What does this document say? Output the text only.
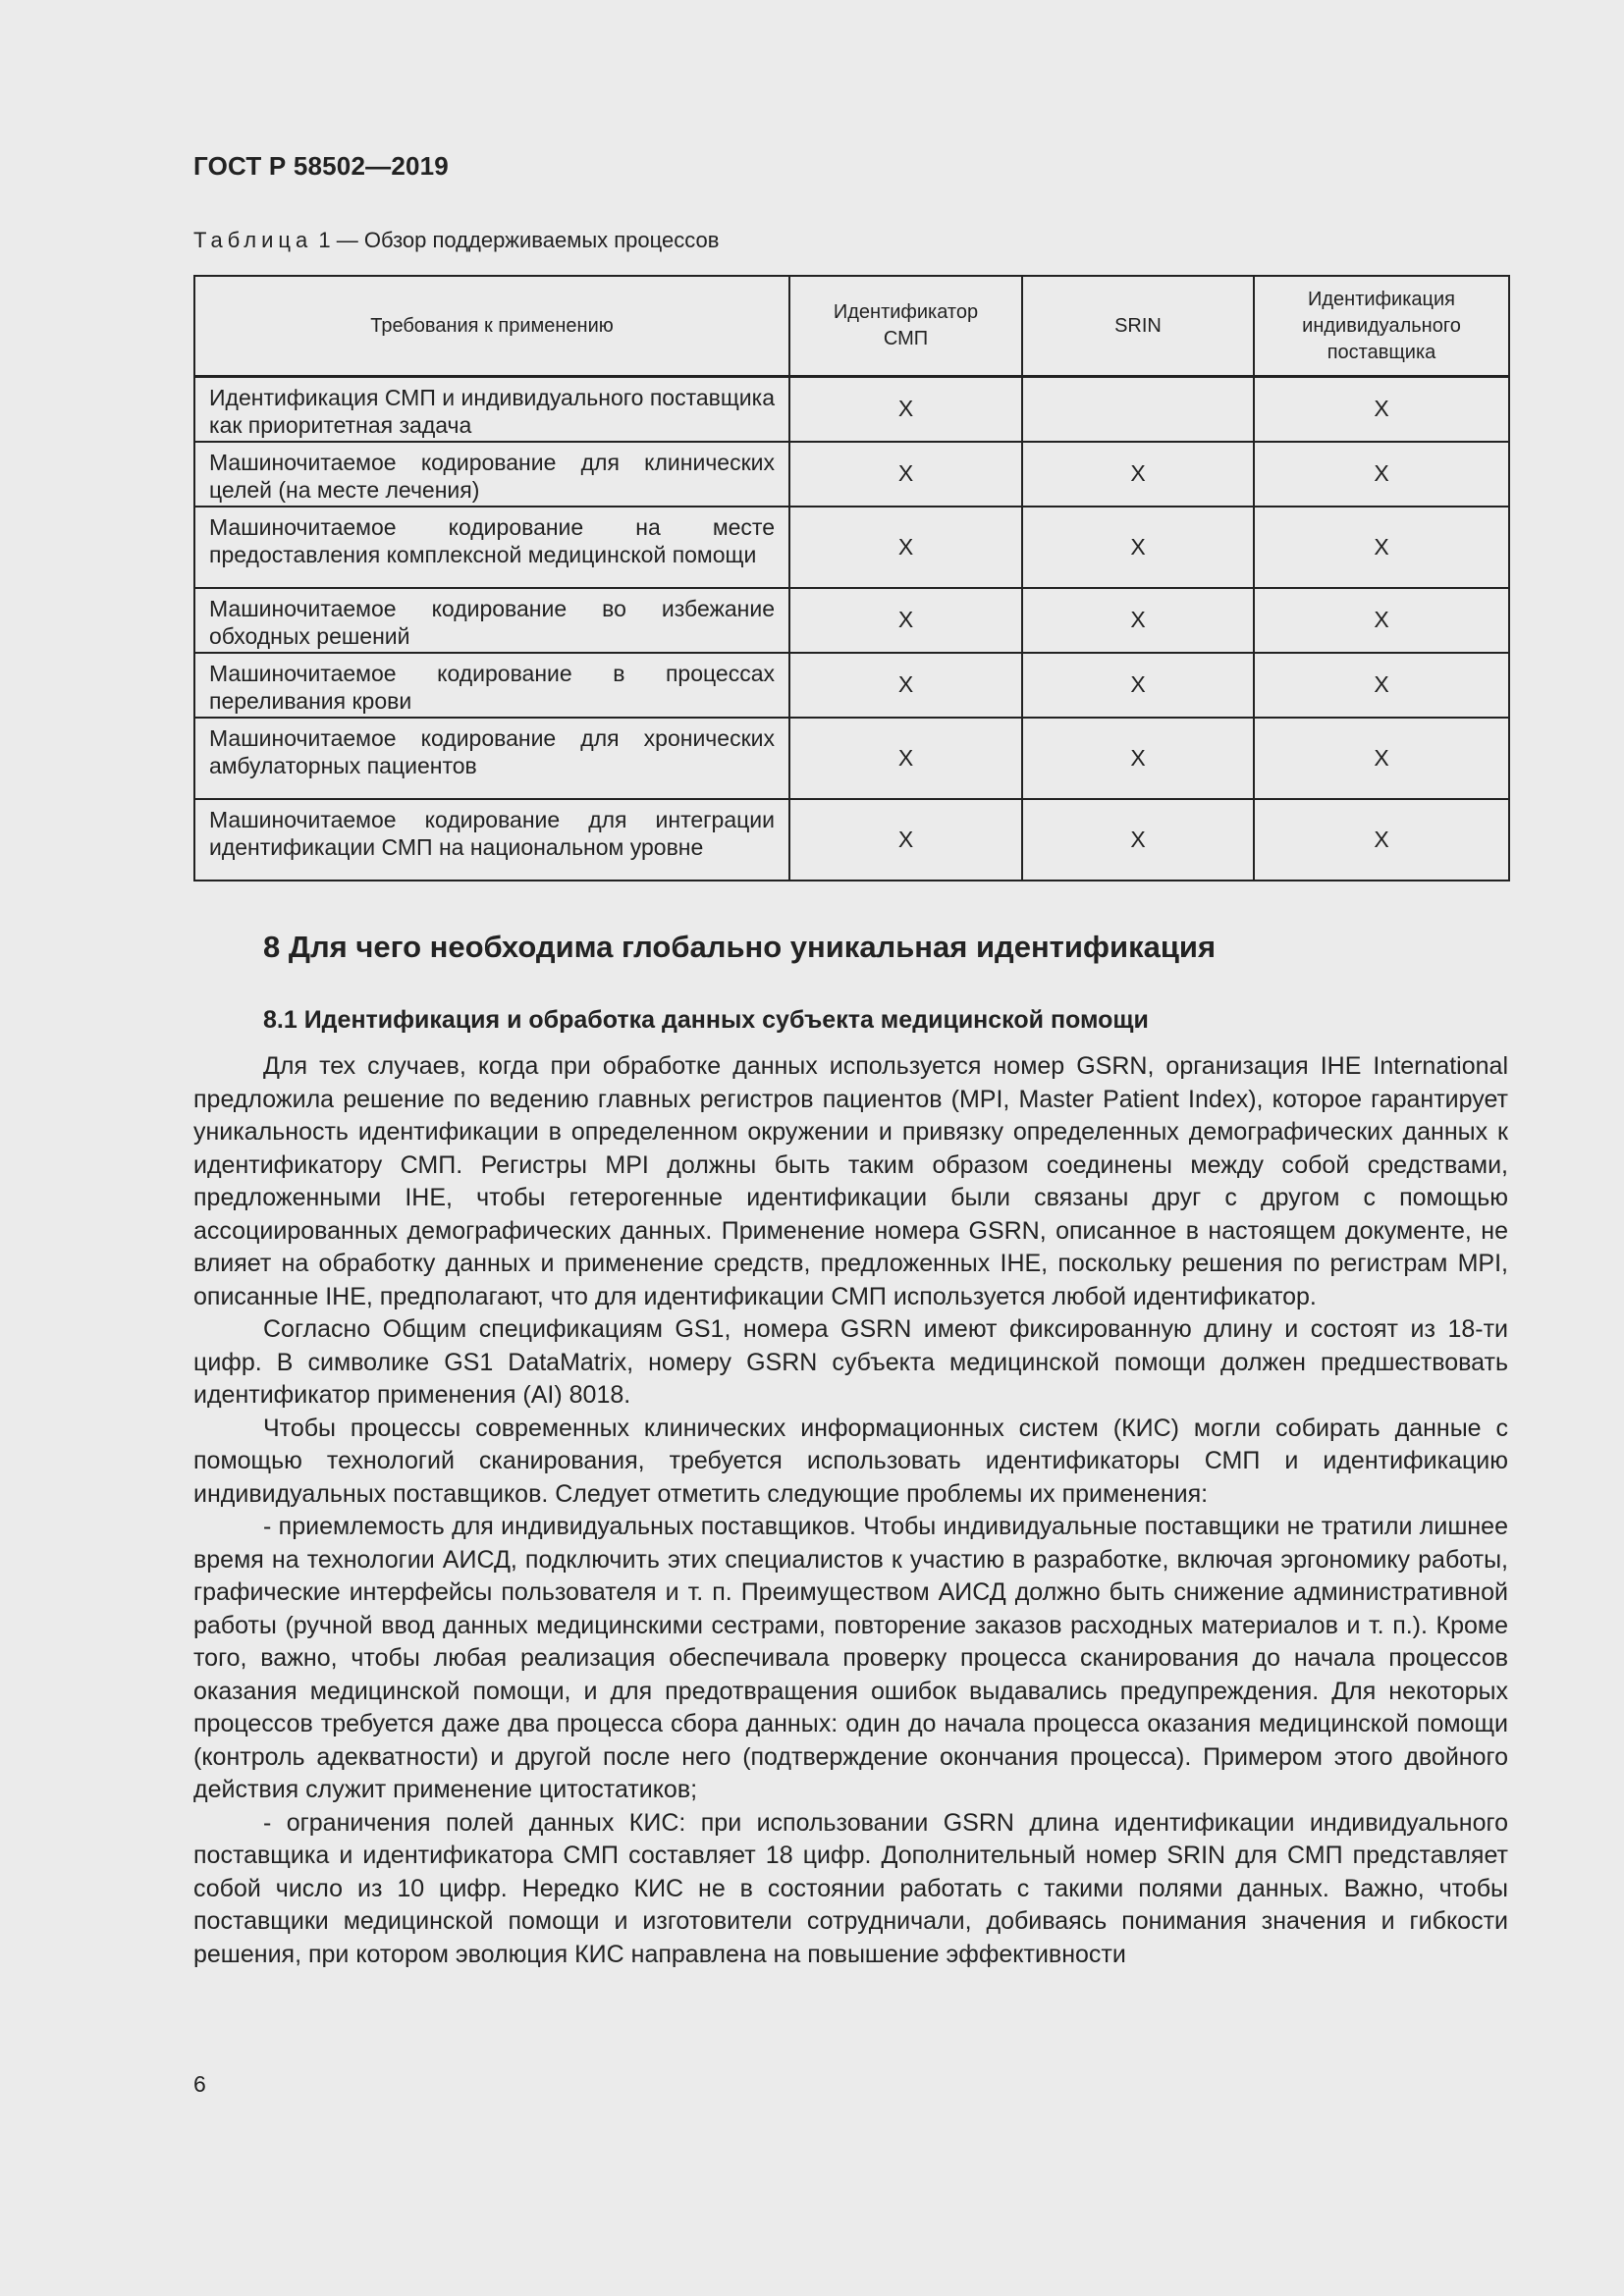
ГОСТ Р 58502—2019
Таблица 1 — Обзор поддерживаемых процессов
Требования к применению	Идентификатор СМП	SRIN	Идентификация индивидуального поставщика

Идентификация СМП и индивидуального поставщика как приоритетная задача	X		X
Машиночитаемое кодирование для клинических целей (на месте лечения)	X	X	X
Машиночитаемое кодирование на месте предоставления комплексной медицинской помощи	X	X	X
Машиночитаемое кодирование во избежание обходных решений	X	X	X
Машиночитаемое кодирование в процессах переливания крови	X	X	X
Машиночитаемое кодирование для хронических амбулаторных пациентов	X	X	X
Машиночитаемое кодирование для интеграции идентификации СМП на национальном уровне	X	X	X
8 Для чего необходима глобально уникальная идентификация
8.1 Идентификация и обработка данных субъекта медицинской помощи

Для тех случаев, когда при обработке данных используется номер GSRN, организация IHE International предложила решение по ведению главных регистров пациентов (MPI, Master Patient Index), которое гарантирует уникальность идентификации в определенном окружении и привязку определенных демографических данных к идентификатору СМП. Регистры MPI должны быть таким образом соединены между собой средствами, предложенными IHE, чтобы гетерогенные идентификации были связаны друг с другом с помощью ассоциированных демографических данных. Применение номера GSRN, описанное в настоящем документе, не влияет на обработку данных и применение средств, предложенных IHE, поскольку решения по регистрам MPI, описанные IHE, предполагают, что для идентификации СМП используется любой идентификатор.

Согласно Общим спецификациям GS1, номера GSRN имеют фиксированную длину и состоят из 18-ти цифр. В символике GS1 DataMatrix, номеру GSRN субъекта медицинской помощи должен предшествовать идентификатор применения (AI) 8018.

Чтобы процессы современных клинических информационных систем (КИС) могли собирать данные с помощью технологий сканирования, требуется использовать идентификаторы СМП и идентификацию индивидуальных поставщиков. Следует отметить следующие проблемы их применения:

- приемлемость для индивидуальных поставщиков. Чтобы индивидуальные поставщики не тратили лишнее время на технологии АИСД, подключить этих специалистов к участию в разработке, включая эргономику работы, графические интерфейсы пользователя и т. п. Преимуществом АИСД должно быть снижение административной работы (ручной ввод данных медицинскими сестрами, повторение заказов расходных материалов и т. п.). Кроме того, важно, чтобы любая реализация обеспечивала проверку процесса сканирования до начала процессов оказания медицинской помощи, и для предотвращения ошибок выдавались предупреждения. Для некоторых процессов требуется даже два процесса сбора данных: один до начала процесса оказания медицинской помощи (контроль адекватности) и другой после него (подтверждение окончания процесса). Примером этого двойного действия служит применение цитостатиков;

- ограничения полей данных КИС: при использовании GSRN длина идентификации индивидуального поставщика и идентификатора СМП составляет 18 цифр. Дополнительный номер SRIN для СМП представляет собой число из 10 цифр. Нередко КИС не в состоянии работать с такими полями данных. Важно, чтобы поставщики медицинской помощи и изготовители сотрудничали, добиваясь понимания значения и гибкости решения, при котором эволюция КИС направлена на повышение эффективности

6
